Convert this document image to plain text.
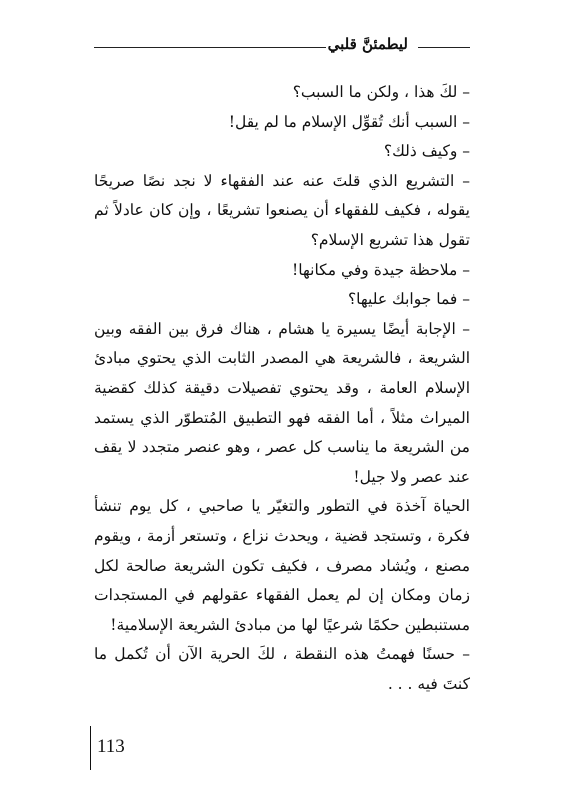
ليطمئنَّ قلبي

– لكَ هذا ، ولكن ما السبب؟

– السبب أنك تُقوِّل الإسلام ما لم يقل!

– وكيف ذلك؟

– التشريع الذي قلتَ عنه عند الفقهاء لا نجد نصًا صريحًا يقوله ، فكيف للفقهاء أن يصنعوا تشريعًا ، وإن كان عادلاً ثم تقول هذا تشريع الإسلام؟

– ملاحظة جيدة وفي مكانها!

– فما جوابك عليها؟

– الإجابة أيضًا يسيرة يا هشام ، هناك فرق بين الفقه وبين الشريعة ، فالشريعة هي المصدر الثابت الذي يحتوي مبادئ الإسلام العامة ، وقد يحتوي تفصيلات دقيقة كذلك كقضية الميراث مثلاً ، أما الفقه فهو التطبيق المُتطوّر الذي يستمد من الشريعة ما يناسب كل عصر ، وهو عنصر متجدد لا يقف عند عصر ولا جيل!

الحياة آخذة في التطور والتغيّر يا صاحبي ، كل يوم تنشأ فكرة ، وتستجد قضية ، ويحدث نزاع ، وتستعر أزمة ، ويقوم مصنع ، ويُشاد مصرف ، فكيف تكون الشريعة صالحة لكل زمان ومكان إن لم يعمل الفقهاء عقولهم في المستجدات مستنبطين حكمًا شرعيًا لها من مبادئ الشريعة الإسلامية!

– حسنًا فهمتُ هذه النقطة ، لكَ الحرية الآن أن تُكمل ما كنتَ فيه . . .

113
